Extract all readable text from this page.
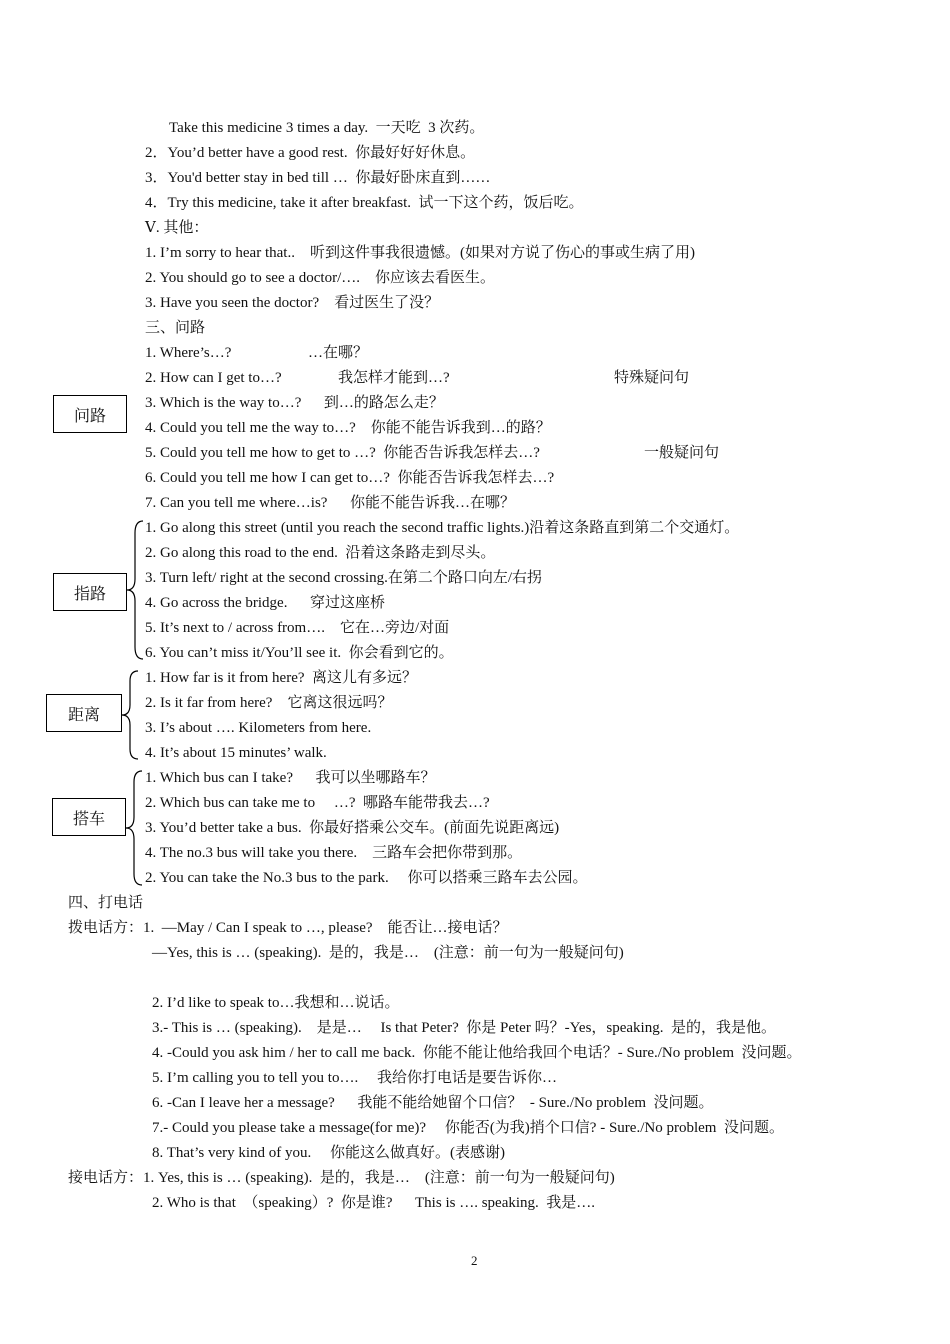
Take this medicine 3 times a day.  一天吃  3 次药。
2．You’d better have a good rest.  你最好好好休息。
3．You'd better stay in bed till …  你最好卧床直到……
4．Try this medicine, take it after breakfast.  试一下这个药，饭后吃。
Ⅴ. 其他：
1. I’m sorry to hear that..    听到这件事我很遗憾。(如果对方说了伤心的事或生病了用)
2. You should go to see a doctor/….    你应该去看医生。
3. Have you seen the doctor?    看过医生了没？
三、问路
1. Where’s…?	…在哪？
2. How can I get to…?	我怎样才能到…?	特殊疑问句
3. Which is the way to…?      到…的路怎么走？
4. Could you tell me the way to…?    你能不能告诉我到…的路？
5. Could you tell me how to get to …?  你能否告诉我怎样去…?	一般疑问句
6. Could you tell me how I can get to…?  你能否告诉我怎样去…?
7. Can you tell me where…is?      你能不能告诉我…在哪？
问路
1. Go along this street (until you reach the second traffic lights.)沿着这条路直到第二个交通灯。
2. Go along this road to the end.  沿着这条路走到尽头。
3. Turn left/ right at the second crossing.在第二个路口向左/右拐
4. Go across the bridge.      穿过这座桥
5. It’s next to / across from….    它在…旁边/对面
6. You can’t miss it/You’ll see it.  你会看到它的。
指路
1. How far is it from here?  离这儿有多远？
2. Is it far from here?    它离这很远吗？
3. I’s about …. Kilometers from here.
4. It’s about 15 minutes’ walk.
距离
1. Which bus can I take?      我可以坐哪路车？
2. Which bus can take me to     …?  哪路车能带我去…?
3. You’d better take a bus.  你最好搭乘公交车。(前面先说距离远)
4. The no.3 bus will take you there.    三路车会把你带到那。
2. You can take the No.3 bus to the park.     你可以搭乘三路车去公园。
搭车
四、打电话
拨电话方：1.  —May / Can I speak to …, please?    能否让…接电话？
—Yes, this is … (speaking).  是的，我是…    (注意：前一句为一般疑问句)
2. I’d like to speak to…我想和…说话。
3.- This is … (speaking).    是是…     Is that Peter?  你是 Peter 吗？-Yes，speaking.  是的，我是他。
4. -Could you ask him / her to call me back.  你能不能让他给我回个电话？- Sure./No problem  没问题。
5. I’m calling you to tell you to….     我给你打电话是要告诉你…
6. -Can I leave her a message?      我能不能给她留个口信？  - Sure./No problem  没问题。
7.- Could you please take a message(for me)?     你能否(为我)捎个口信? - Sure./No problem  没问题。
8. That’s very kind of you.     你能这么做真好。(表感谢)
接电话方：1. Yes, this is … (speaking).  是的，我是…    (注意：前一句为一般疑问句)
2. Who is that  （speaking）?  你是谁?      This is …. speaking.  我是….
2
